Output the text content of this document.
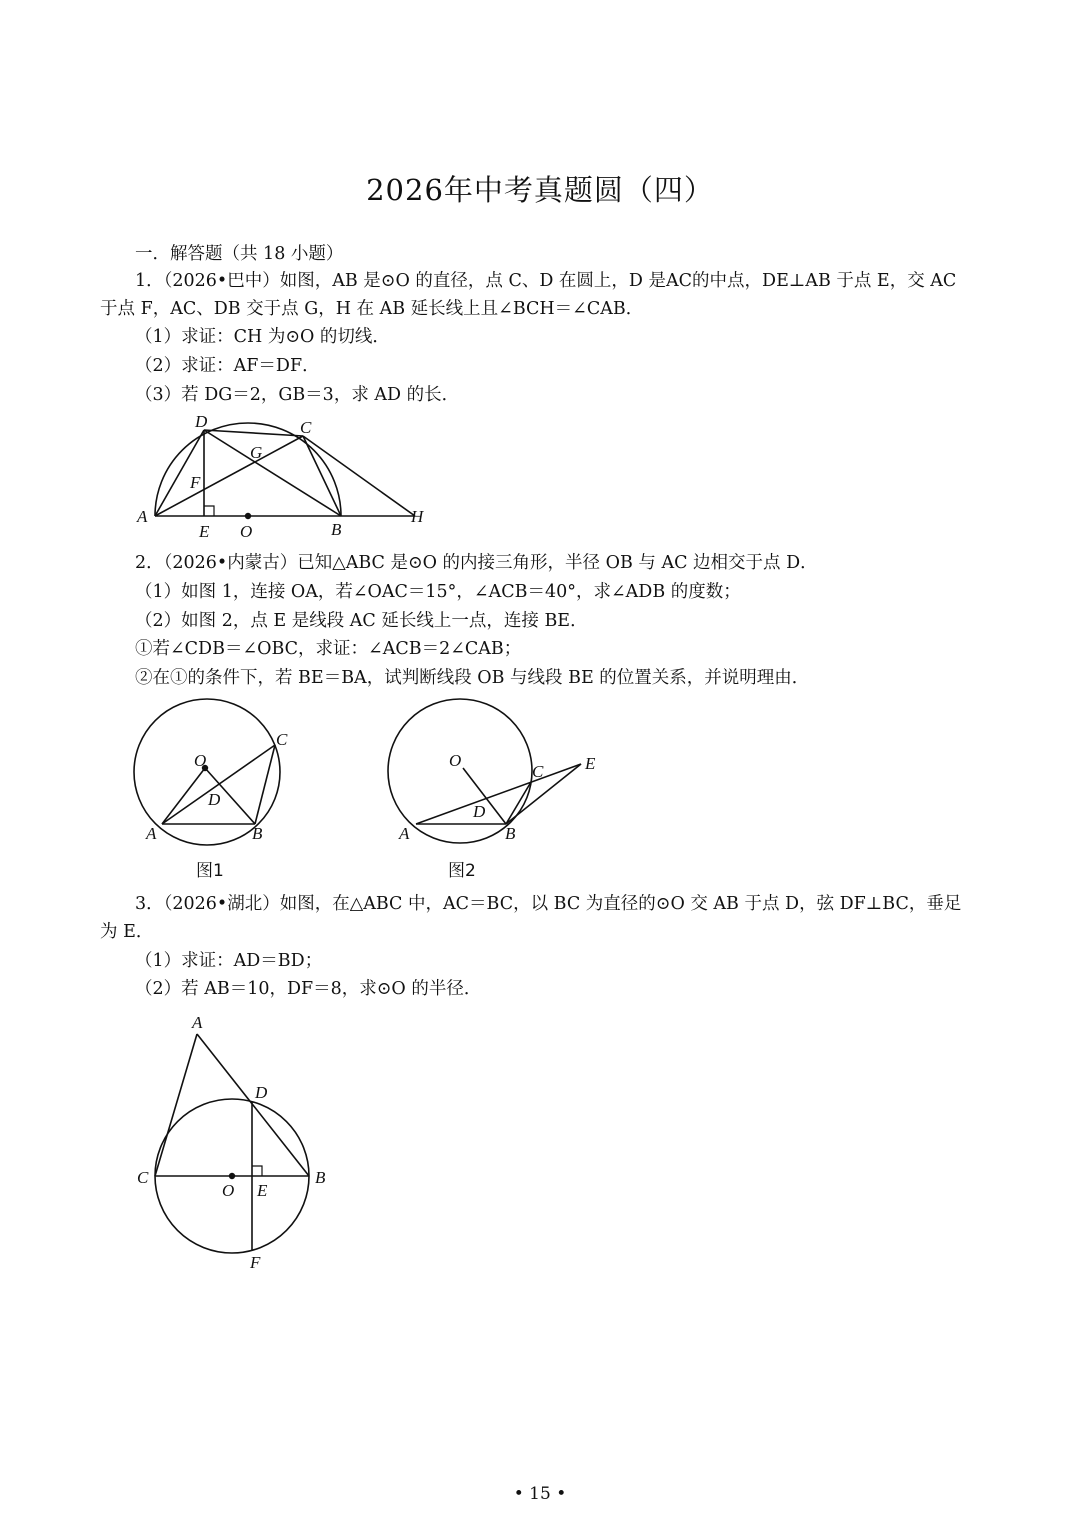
2026年中考真题圆（四）
一．解答题（共 18 小题）
1．（2026•巴中）如图，AB 是⊙O 的直径，点 C、D 在圆上，D 是AC的中点，DE⊥AB 于点 E，交 AC
于点 F，AC、DB 交于点 G，H 在 AB 延长线上且∠BCH＝∠CAB．
（1）求证：CH 为⊙O 的切线．
（2）求证：AF＝DF．
（3）若 DG＝2，GB＝3，求 AD 的长．
D	C
G
F
A
E O	B
H
2．（2026•内蒙古）已知△ABC 是⊙O 的内接三角形，半径 OB 与 AC 边相交于点 D．
（1）如图 1，连接 OA，若∠OAC＝15°，∠ACB＝40°，求∠ADB 的度数；
（2）如图 2，点 E 是线段 AC 延长线上一点，连接 BE．
①若∠CDB＝∠OBC，求证：∠ACB＝2∠CAB；
②在①的条件下，若 BE＝BA，试判断线段 OB 与线段 BE 的位置关系，并说明理由．
O
C
D
A	B
图1
O
C E
D
A	B
图2
3．（2026•湖北）如图，在△ABC 中，AC＝BC，以 BC 为直径的⊙O 交 AB 于点 D，弦 DF⊥BC，垂足
为 E．
（1）求证：AD＝BD；
（2）若 AB＝10，DF＝8，求⊙O 的半径．
A
D
C
O E
B
F
• 15 •
